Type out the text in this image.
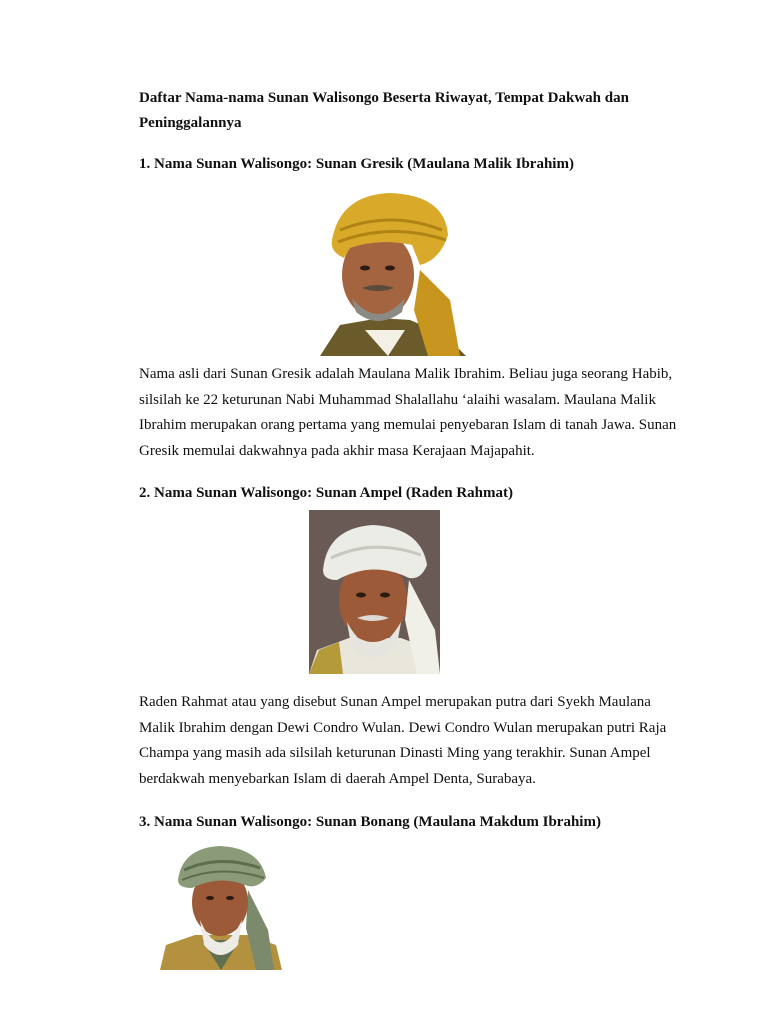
Daftar Nama-nama Sunan Walisongo Beserta Riwayat, Tempat Dakwah dan Peninggalannya
1. Nama Sunan Walisongo: Sunan Gresik (Maulana Malik Ibrahim)
Nama asli dari Sunan Gresik adalah Maulana Malik Ibrahim. Beliau juga seorang Habib, silsilah ke 22 keturunan Nabi Muhammad Shalallahu ‘alaihi wasalam. Maulana Malik Ibrahim merupakan orang pertama yang memulai penyebaran Islam di tanah Jawa. Sunan Gresik memulai dakwahnya pada akhir masa Kerajaan Majapahit.
2. Nama Sunan Walisongo: Sunan Ampel (Raden Rahmat)
Raden Rahmat atau yang disebut Sunan Ampel merupakan putra dari Syekh Maulana Malik Ibrahim dengan Dewi Condro Wulan. Dewi Condro Wulan merupakan putri Raja Champa yang masih ada silsilah keturunan Dinasti Ming yang terakhir. Sunan Ampel berdakwah menyebarkan Islam di daerah Ampel Denta, Surabaya.
3. Nama Sunan Walisongo: Sunan Bonang (Maulana Makdum Ibrahim)
